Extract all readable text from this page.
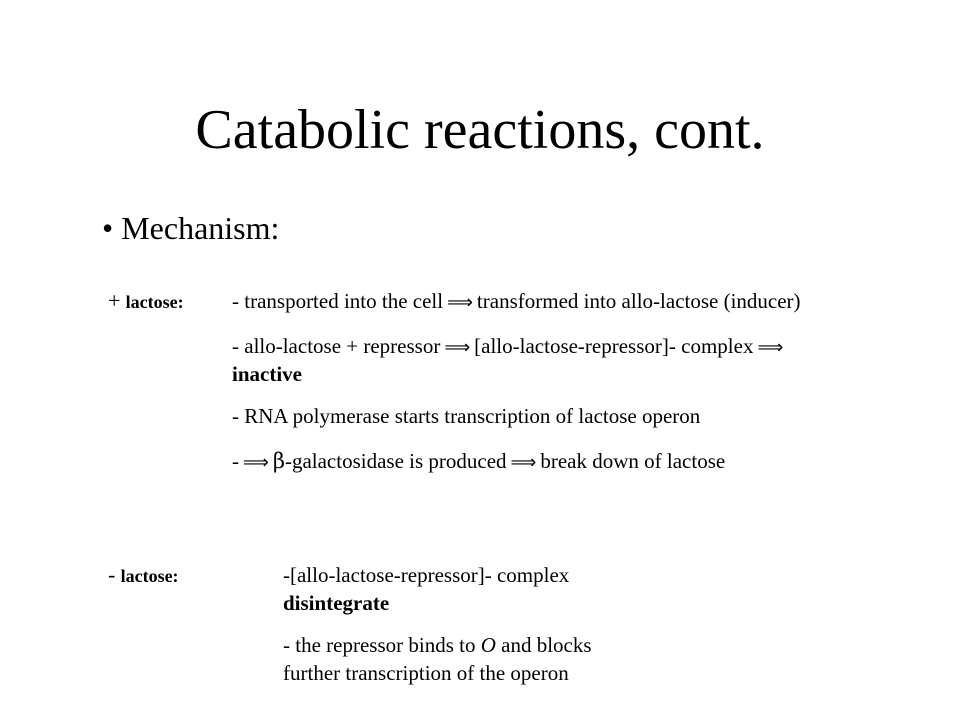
Catabolic reactions, cont.
• Mechanism:
+ lactose: - transported into the cell ⟹ transformed into allo-lactose (inducer)
- allo-lactose + repressor ⟹ [allo-lactose-repressor]- complex ⟹
inactive
- RNA polymerase starts transcription of lactose operon
- ⟹ β-galactosidase is produced ⟹ break down of lactose
- lactose:	-[allo-lactose-repressor]- complex
disintegrate
- the repressor binds to O and blocks
further transcription of the operon
